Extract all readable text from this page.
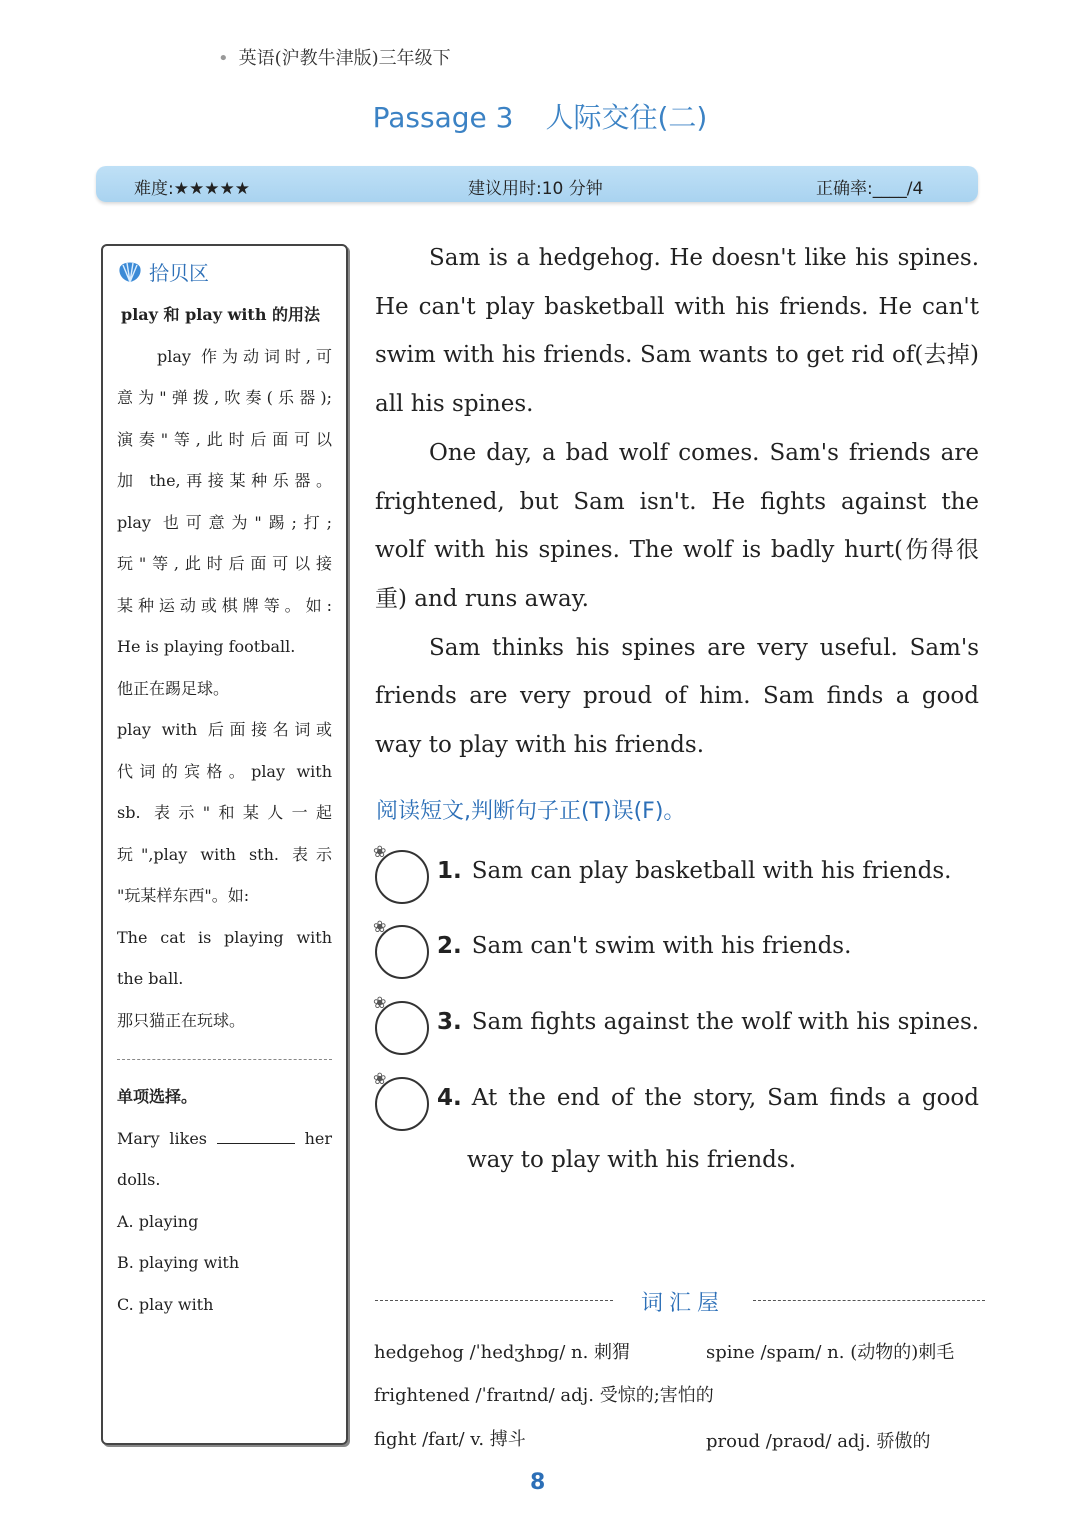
• 英语(沪教牛津版)三年级下
Passage 3 人际交往(二)
难度:★★★★★	建议用时:10 分钟	正确率:____/4
拾贝区
play 和 play with 的用法
play 作为动词时,可
意为"弹拨,吹奏(乐器);
演奏"等,此时后面可以
加 the,再接某种乐器。
play 也可意为"踢;打;
玩"等,此时后面可以接
某种运动或棋牌等。如:
He is playing football.
他正在踢足球。
play with 后面接名词或
代词的宾格。play with
sb. 表示"和某人一起
玩",play with sth. 表示
"玩某样东西"。如:
The cat is playing with
the ball.
那只猫正在玩球。
单项选择。
Mary likes	her
dolls.
A. playing
B. playing with
C. play with

Sam is a hedgehog. He doesn't like his spines. He can't play basketball with his friends. He can't swim with his friends. Sam wants to get rid of(去掉) all his spines.

One day, a bad wolf comes. Sam's friends are frightened, but Sam isn't. He fights against the wolf with his spines. The wolf is badly hurt(伤得很重) and runs away.

Sam thinks his spines are very useful. Sam's friends are very proud of him. Sam finds a good way to play with his friends.

阅读短文,判断句子正(T)误(F)。
❀
1. Sam can play basketball with his friends.
❀
2. Sam can't swim with his friends.
❀
3. Sam fights against the wolf with his spines.
❀
4. At the end of the story, Sam finds a good
way to play with his friends.
词汇屋
hedgehog /ˈhedʒhɒɡ/ n. 刺猬	spine /spaɪn/ n. (动物的)刺毛
frightened /ˈfraɪtnd/ adj. 受惊的;害怕的
fight /faɪt/ v. 搏斗	proud /praʊd/ adj. 骄傲的
8
